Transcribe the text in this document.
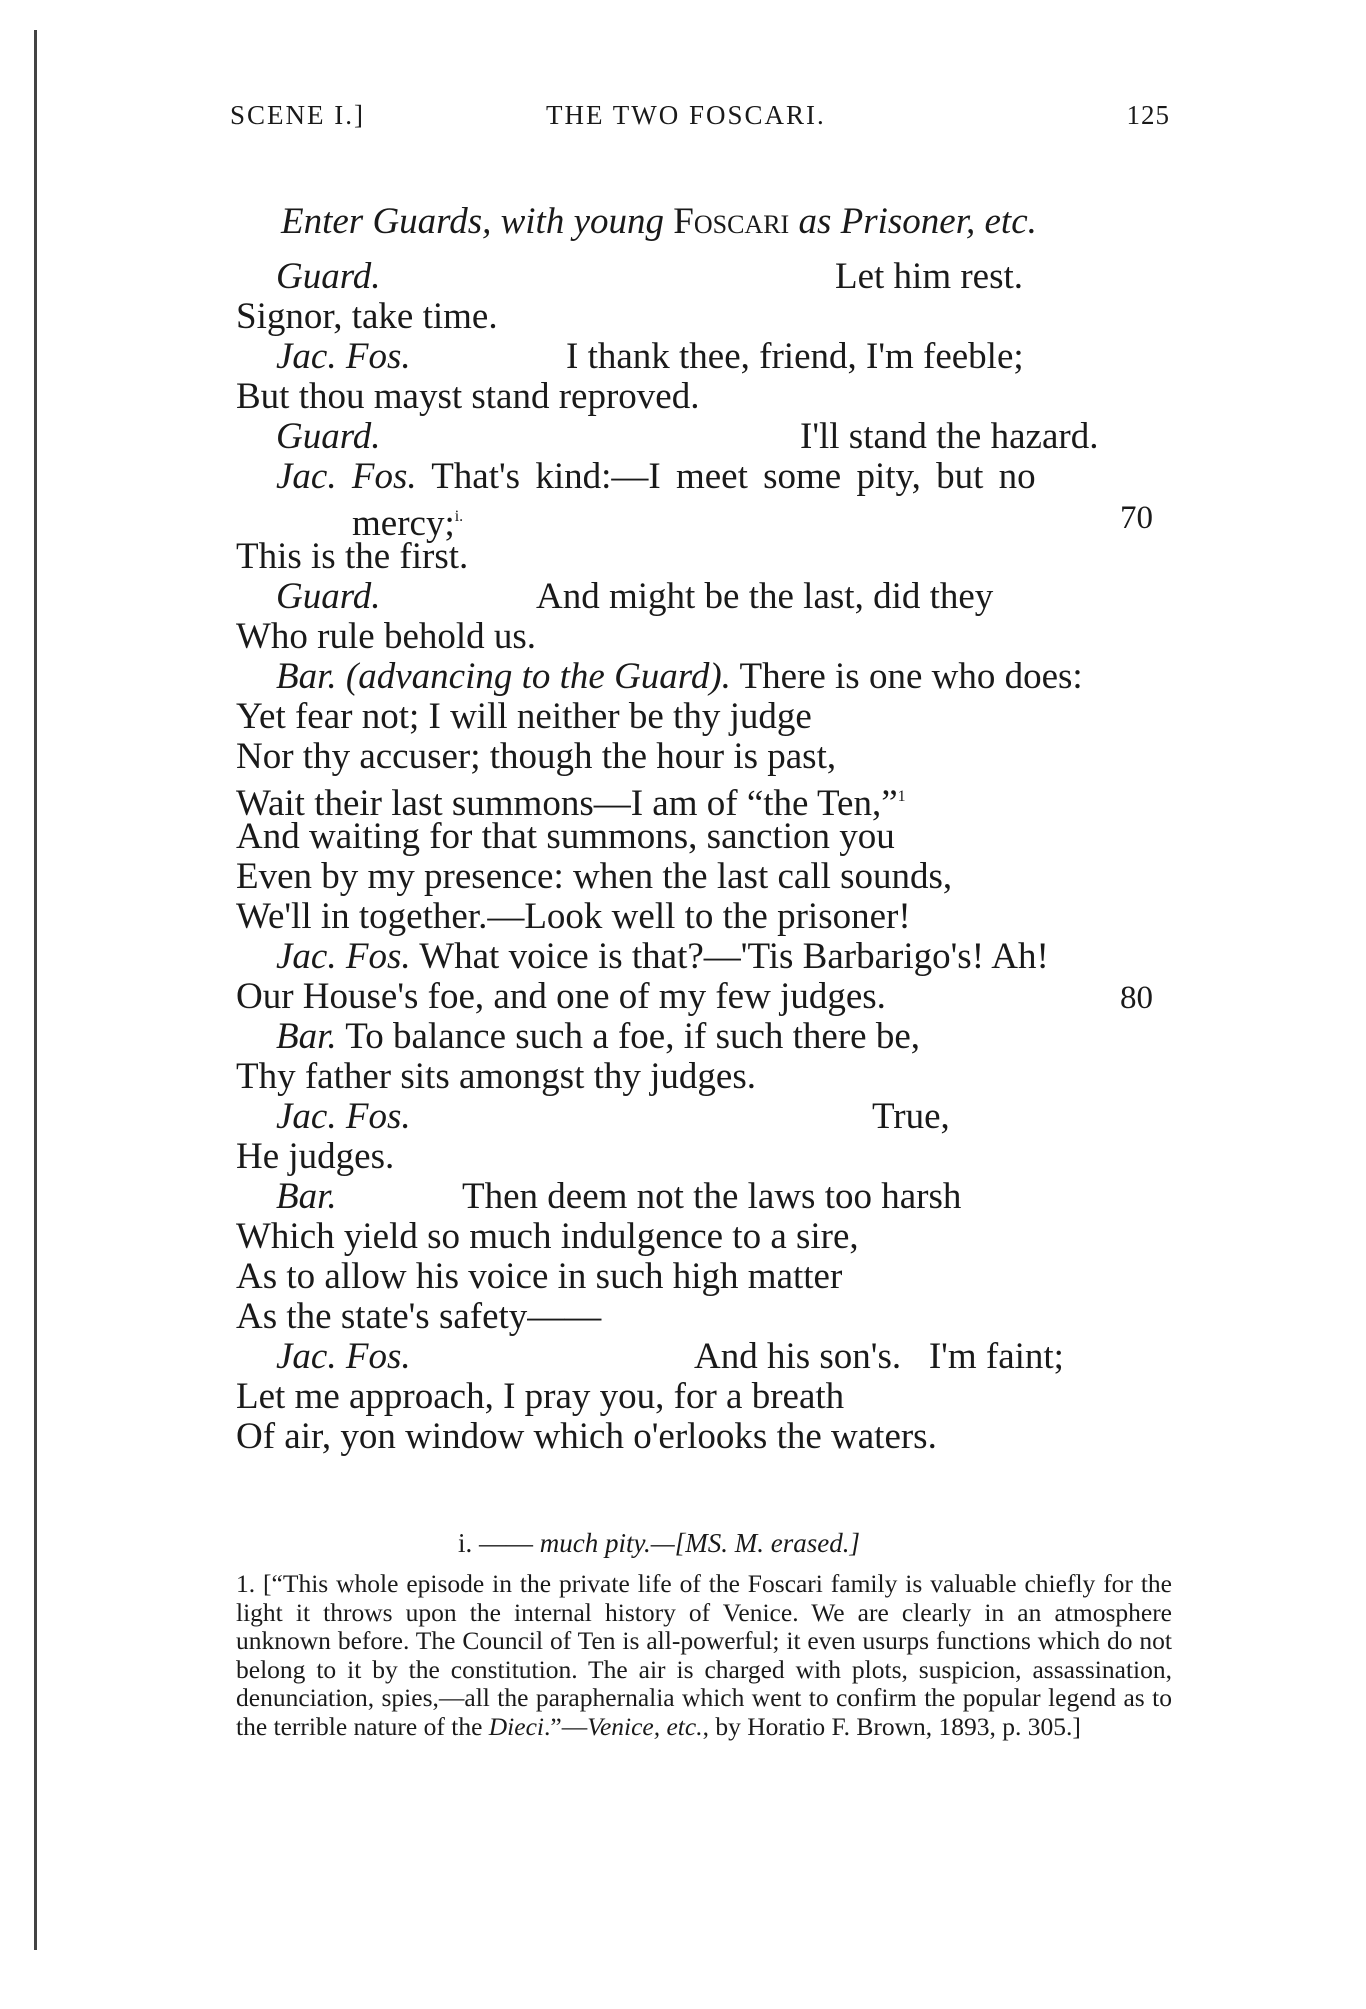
SCENE I.]	THE TWO FOSCARI.	125
Enter Guards, with young Foscari as Prisoner, etc.
Guard.	Let him rest.
Signor, take time.
Jac. Fos.	I thank thee, friend, I'm feeble;
But thou mayst stand reproved.
Guard.	I'll stand the hazard.
Jac. Fos. That's kind:—I meet some pity, but no
mercy;$^{i.}$	70
This is the first.
Guard.	And might be the last, did they
Who rule behold us.
Bar. (advancing to the Guard). There is one who does:
Yet fear not; I will neither be thy judge
Nor thy accuser; though the hour is past,
Wait their last summons—I am of “the Ten,”$^1$
And waiting for that summons, sanction you
Even by my presence: when the last call sounds,
We'll in together.—Look well to the prisoner!
Jac. Fos. What voice is that?—'Tis Barbarigo's! Ah!
Our House's foe, and one of my few judges.	80
Bar. To balance such a foe, if such there be,
Thy father sits amongst thy judges.
Jac. Fos.	True,
He judges.
Bar.	Then deem not the laws too harsh
Which yield so much indulgence to a sire,
As to allow his voice in such high matter
As the state's safety——
Jac. Fos.	And his son's.   I'm faint;
Let me approach, I pray you, for a breath
Of air, yon window which o'erlooks the waters.
i. —— much pity.—[MS. M. erased.]
1. [“This whole episode in the private life of the Foscari family is valuable chiefly for the light it throws upon the internal history of Venice. We are clearly in an atmosphere unknown before. The Council of Ten is all-powerful; it even usurps functions which do not belong to it by the constitution. The air is charged with plots, suspicion, assassination, denunciation, spies,—all the paraphernalia which went to confirm the popular legend as to the terrible nature of the Dieci.”—Venice, etc., by Horatio F. Brown, 1893, p. 305.]
